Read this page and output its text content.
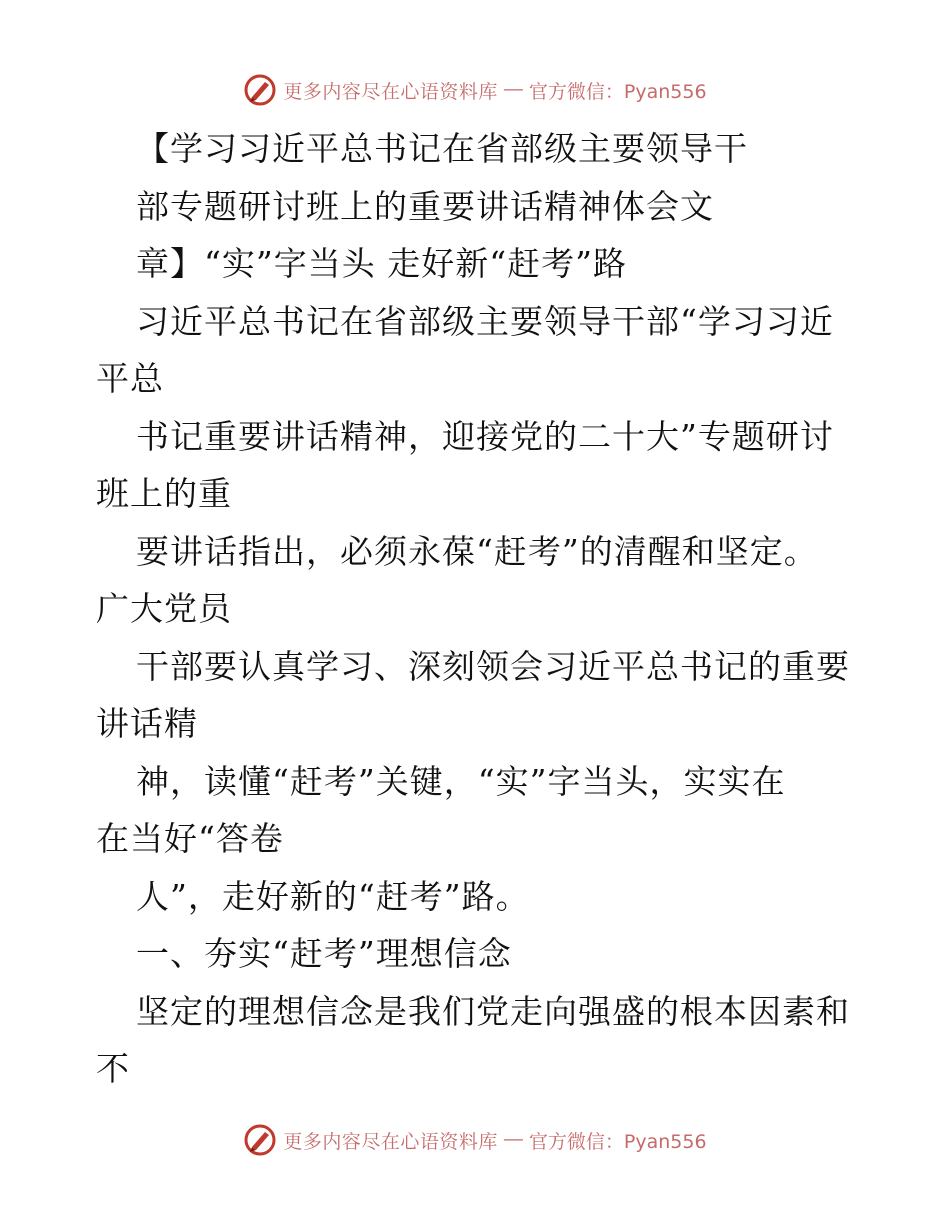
更多内容尽在心语资料库 — 官方微信：Pyan556
【学习习近平总书记在省部级主要领导干
部专题研讨班上的重要讲话精神体会文
章】“实”字当头 走好新“赶考”路
习近平总书记在省部级主要领导干部“学习习近
平总
书记重要讲话精神，迎接党的二十大”专题研讨
班上的重
要讲话指出，必须永葆“赶考”的清醒和坚定。
广大党员
干部要认真学习、深刻领会习近平总书记的重要
讲话精
神，读懂“赶考”关键，“实”字当头，实实在
在当好“答卷
人”，走好新的“赶考”路。
一、夯实“赶考”理想信念
坚定的理想信念是我们党走向强盛的根本因素和
不
更多内容尽在心语资料库 — 官方微信：Pyan556
